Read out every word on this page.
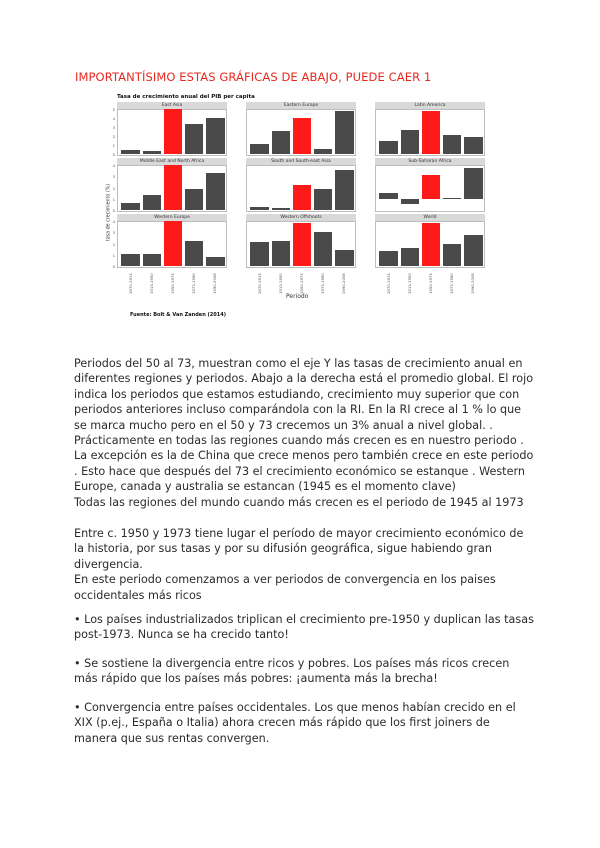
IMPORTANTÍSIMO ESTAS GRÁFICAS DE ABAJO, PUEDE CAER 1
Tasa de crecimiento anual del PIB per capita
tasa de crecimiento (%)
East Asia
0
1
2
3
4
5
Eastern Europe	Latin America
Middle East and North Africa
0
1
2
3
4
South and South-east Asia	Sub-Saharan Africa
Western Europe
0
1
2
3
4
1870-1913	1913-1950	1950-1973	1973-1990	1990-2008
Western Offshoots
1870-1913	1913-1950	1950-1973	1973-1990	1990-2008
World
1870-1913	1913-1950	1950-1973	1973-1990	1990-2008
Periodo
Fuente: Bolt & Van Zanden (2014)

Periodos del 50 al 73, muestran como el eje Y las tasas de crecimiento anual en diferentes regiones y periodos. Abajo a la derecha está el promedio global. El rojo indica los periodos que estamos estudiando, crecimiento muy superior que con periodos anteriores incluso comparándola con la RI. En la RI crece al 1 % lo que se marca mucho pero en el 50 y 73 crecemos un 3% anual a nivel global. . Prácticamente en todas las regiones cuando más crecen es en nuestro periodo . La excepción es la de China que crece menos pero también crece en este periodo . Esto hace que después del 73 el crecimiento económico se estanque . Western Europe, canada y australia se estancan (1945 es el momento clave)

Todas las regiones del mundo cuando más crecen es el periodo de 1945 al 1973

Entre c. 1950 y 1973 tiene lugar el período de mayor crecimiento económico de la historia, por sus tasas y por su difusión geográfica, sigue habiendo gran divergencia.

En este periodo comenzamos a ver periodos de convergencia en los paises occidentales más ricos

• Los países industrializados triplican el crecimiento pre-1950 y duplican las tasas post-1973. Nunca se ha crecido tanto!

• Se sostiene la divergencia entre ricos y pobres. Los países más ricos crecen más rápido que los países más pobres: ¡aumenta más la brecha!

• Convergencia entre países occidentales. Los que menos habían crecido en el XIX (p.ej., España o Italia) ahora crecen más rápido que los first joiners de manera que sus rentas convergen.
